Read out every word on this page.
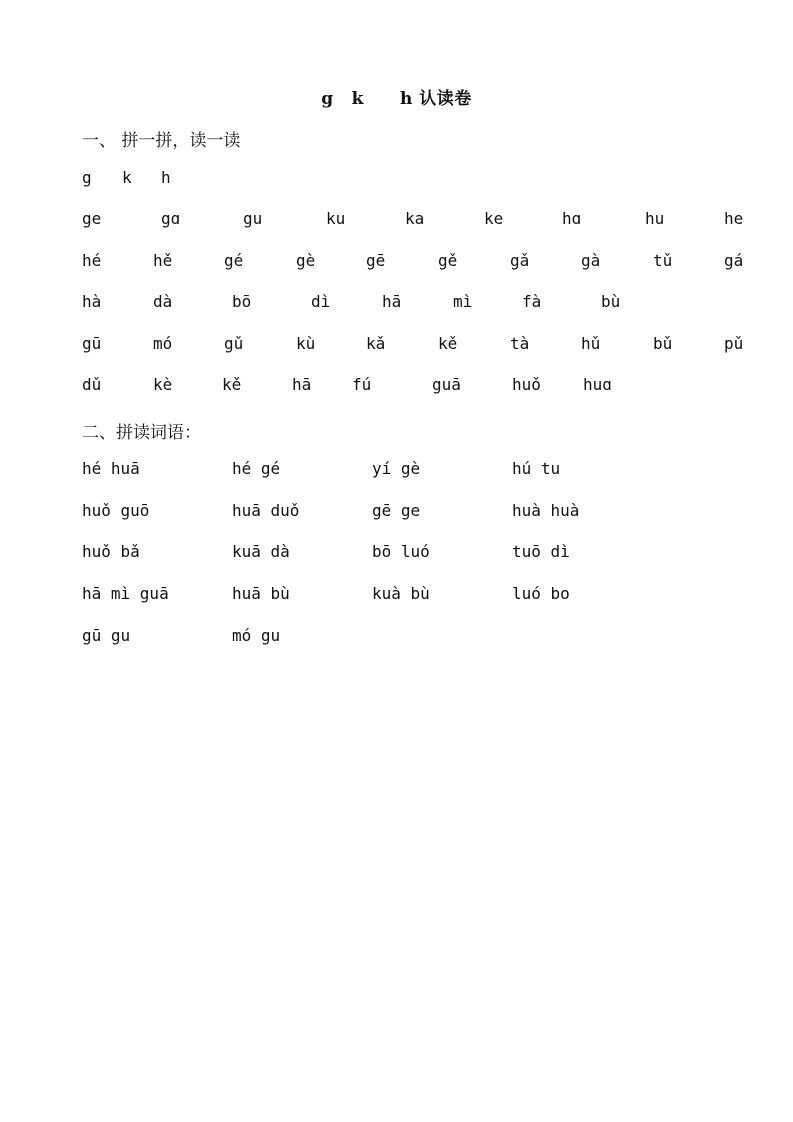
g k h 认读卷
一、 拼一拼，读一读
g k h
ge	gɑ	gu	ku	ka	ke	hɑ	hu	he
hé	hě	gé	gè	gē	gě	gǎ	gà	tǔ	gá
hà	dà	bō	dì	hā	mì	fà	bù
gū	mó	gǔ	kù	kǎ	kě	tà	hǔ	bǔ	pǔ
dǔ	kè	kě	hā	fú	guā	huǒ	huɑ
二、拼读词语：
hé huā	hé gé	yí gè	hú tu
huǒ guō	huā duǒ	gē ge	huà huà
huǒ bǎ	kuā dà	bō luó	tuō dì
hā mì guā	huā bù	kuà bù	luó bo
gū gu	mó gu
